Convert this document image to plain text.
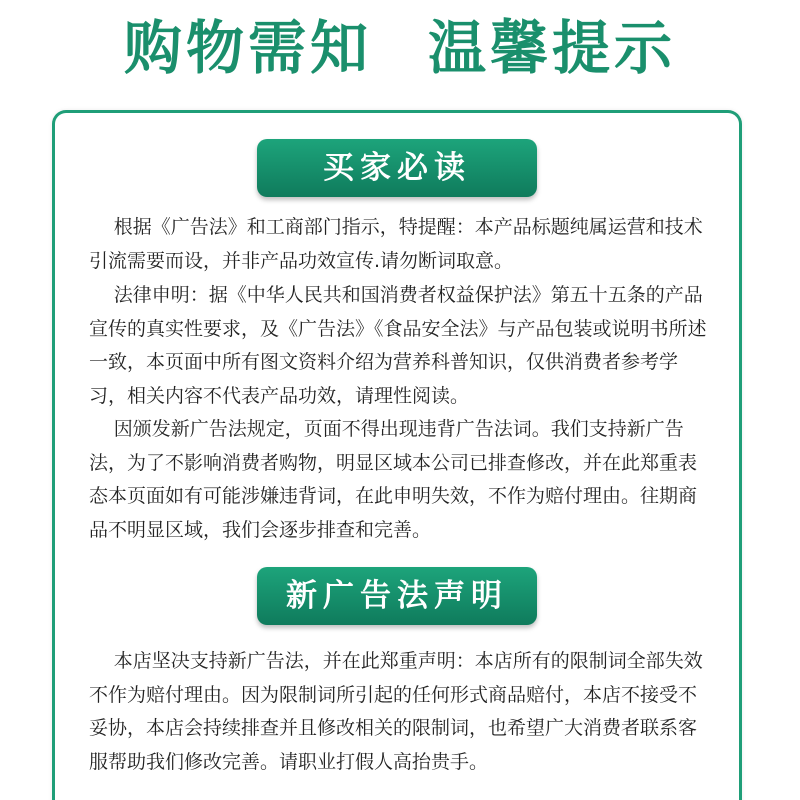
购物需知 温馨提示
买家必读

根据《广告法》和工商部门指示，特提醒：本产品标题纯属运营和技术引流需要而设，并非产品功效宣传.请勿断词取意。

法律申明：据《中华人民共和国消费者权益保护法》第五十五条的产品宣传的真实性要求，及《广告法》《食品安全法》与产品包装或说明书所述一致，本页面中所有图文资料介绍为营养科普知识，仅供消费者参考学习，相关内容不代表产品功效，请理性阅读。

因颁发新广告法规定，页面不得出现违背广告法词。我们支持新广告法，为了不影响消费者购物，明显区域本公司已排查修改，并在此郑重表态本页面如有可能涉嫌违背词，在此申明失效，不作为赔付理由。往期商品不明显区域，我们会逐步排查和完善。

新广告法声明

本店坚决支持新广告法，并在此郑重声明：本店所有的限制词全部失效不作为赔付理由。因为限制词所引起的任何形式商品赔付，本店不接受不妥协，本店会持续排查并且修改相关的限制词，也希望广大消费者联系客服帮助我们修改完善。请职业打假人高抬贵手。
